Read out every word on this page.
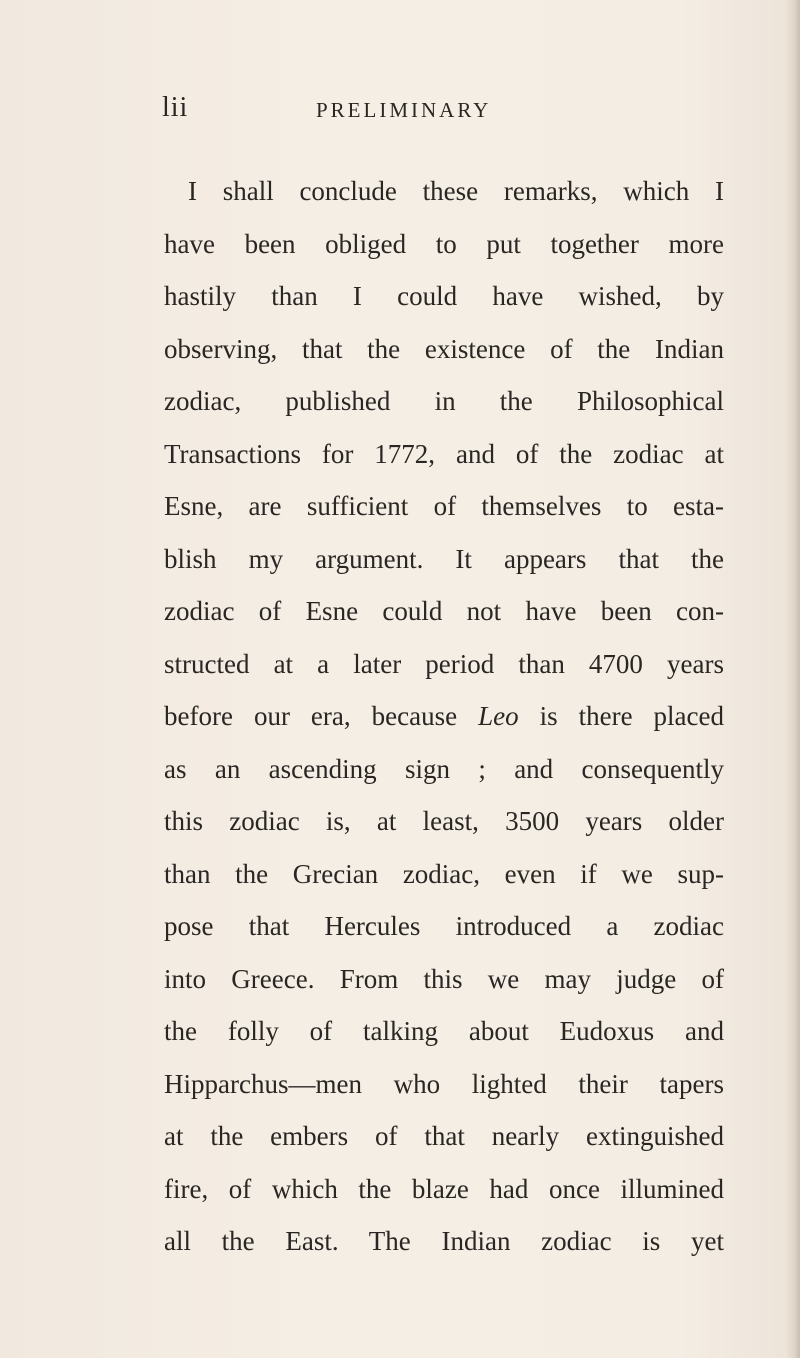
lii	PRELIMINARY
I shall conclude these remarks, which I
have been obliged to put together more
hastily than I could have wished, by
observing, that the existence of the Indian
zodiac, published in the Philosophical
Transactions for 1772, and of the zodiac at
Esne, are sufficient of themselves to esta-
blish my argument. It appears that the
zodiac of Esne could not have been con-
structed at a later period than 4700 years
before our era, because Leo is there placed
as an ascending sign ; and consequently
this zodiac is, at least, 3500 years older
than the Grecian zodiac, even if we sup-
pose that Hercules introduced a zodiac
into Greece. From this we may judge of
the folly of talking about Eudoxus and
Hipparchus—men who lighted their tapers
at the embers of that nearly extinguished
fire, of which the blaze had once illumined
all the East. The Indian zodiac is yet
